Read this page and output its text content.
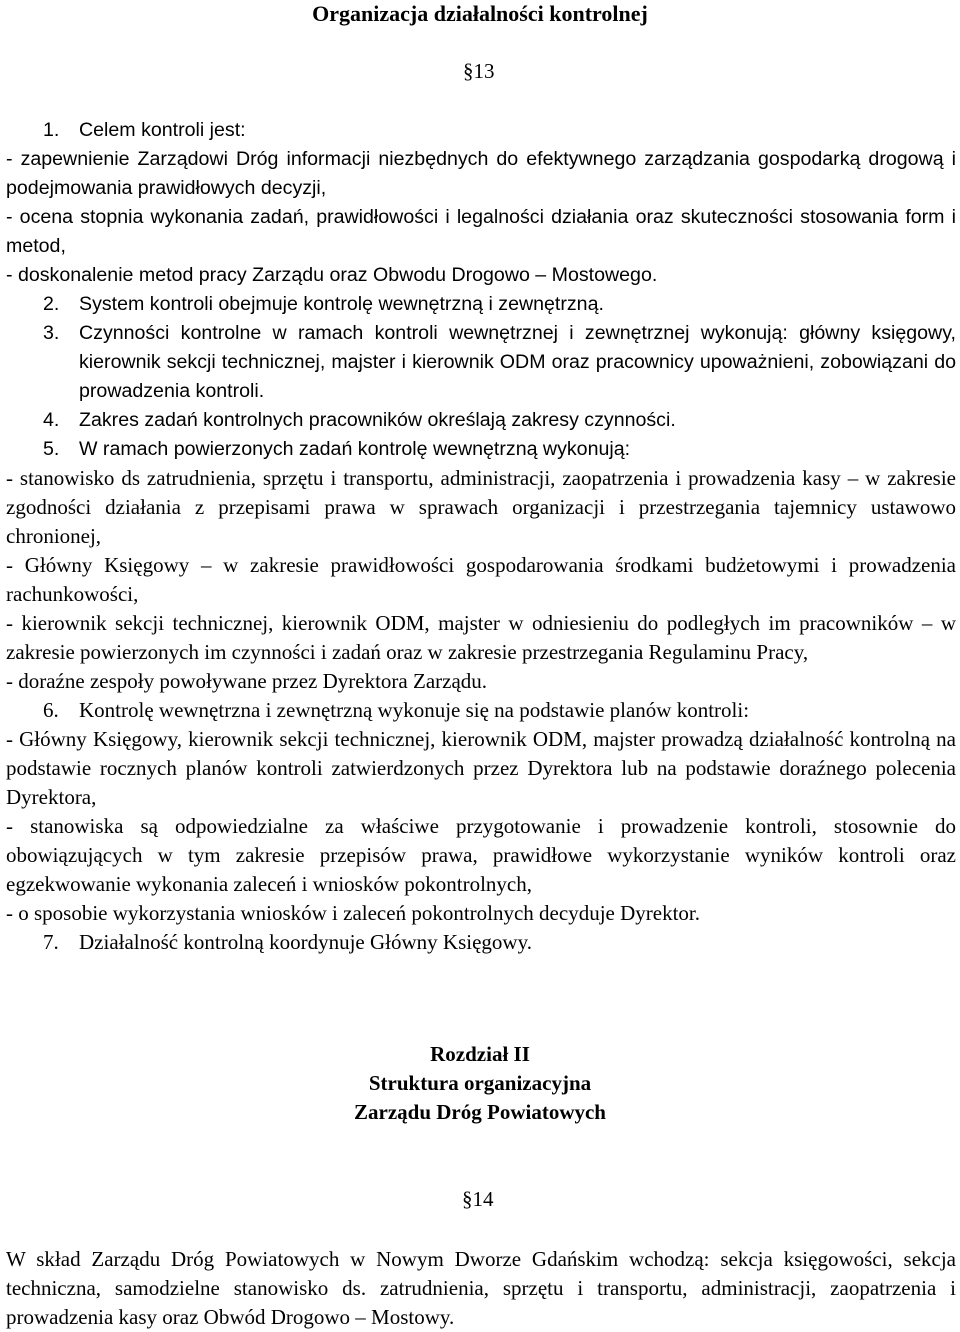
Organizacja działalności kontrolnej
§13

1. Celem kontroli jest:

- zapewnienie Zarządowi Dróg informacji niezbędnych do efektywnego zarządzania gospodarką drogową i podejmowania prawidłowych decyzji,

- ocena stopnia wykonania zadań, prawidłowości i legalności działania oraz skuteczności stosowania form i metod,

- doskonalenie metod pracy Zarządu oraz Obwodu Drogowo – Mostowego.

2. System kontroli obejmuje kontrolę wewnętrzną i zewnętrzną.

3. Czynności kontrolne w ramach kontroli wewnętrznej i zewnętrznej wykonują: główny księgowy, kierownik sekcji technicznej, majster i kierownik ODM oraz pracownicy upoważnieni, zobowiązani do prowadzenia kontroli.

4. Zakres zadań kontrolnych pracowników określają zakresy czynności.

5. W ramach powierzonych zadań kontrolę wewnętrzną wykonują:

- stanowisko ds zatrudnienia, sprzętu i transportu, administracji, zaopatrzenia i prowadzenia kasy – w zakresie zgodności działania z przepisami prawa w sprawach organizacji i przestrzegania tajemnicy ustawowo chronionej,

- Główny Księgowy – w zakresie prawidłowości gospodarowania środkami budżetowymi i prowadzenia rachunkowości,

- kierownik sekcji technicznej, kierownik ODM, majster w odniesieniu do podległych im pracowników – w zakresie powierzonych im czynności i zadań oraz w zakresie przestrzegania Regulaminu Pracy,

- doraźne zespoły powoływane przez Dyrektora Zarządu.

6. Kontrolę wewnętrzna i zewnętrzną wykonuje się na podstawie planów kontroli:

- Główny Księgowy, kierownik sekcji technicznej, kierownik ODM, majster prowadzą działalność kontrolną na podstawie rocznych planów kontroli zatwierdzonych przez Dyrektora lub na podstawie doraźnego polecenia Dyrektora,

- stanowiska są odpowiedzialne za właściwe przygotowanie i prowadzenie kontroli, stosownie do obowiązujących w tym zakresie przepisów prawa, prawidłowe wykorzystanie wyników kontroli oraz egzekwowanie wykonania zaleceń i wniosków pokontrolnych,

- o sposobie wykorzystania wniosków i zaleceń pokontrolnych decyduje Dyrektor.

7. Działalność kontrolną koordynuje Główny Księgowy.

Rozdział II
Struktura organizacyjna
Zarządu Dróg Powiatowych
§14

W skład Zarządu Dróg Powiatowych w Nowym Dworze Gdańskim wchodzą: sekcja księgowości, sekcja techniczna, samodzielne stanowisko ds. zatrudnienia, sprzętu i transportu, administracji, zaopatrzenia i prowadzenia kasy oraz Obwód Drogowo – Mostowy.
